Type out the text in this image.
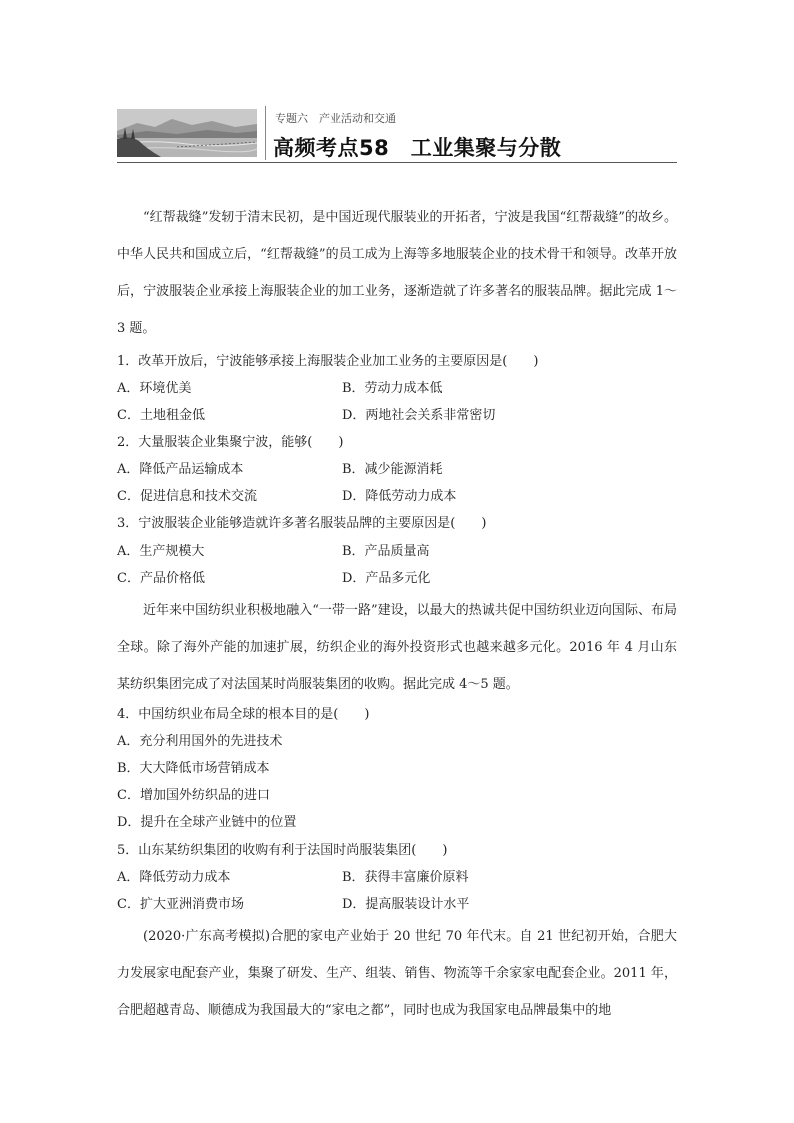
专题六　产业活动和交通
高频考点58　工业集聚与分散

“红帮裁缝”发轫于清末民初，是中国近现代服装业的开拓者，宁波是我国“红帮裁缝”的故乡。中华人民共和国成立后，“红帮裁缝”的员工成为上海等多地服装企业的技术骨干和领导。改革开放后，宁波服装企业承接上海服装企业的加工业务，逐渐造就了许多著名的服装品牌。据此完成 1～3 题。

1．改革开放后，宁波能够承接上海服装企业加工业务的主要原因是(　　)
A．环境优美	B．劳动力成本低
C．土地租金低	D．两地社会关系非常密切
2．大量服装企业集聚宁波，能够(　　)
A．降低产品运输成本	B．减少能源消耗
C．促进信息和技术交流	D．降低劳动力成本
3．宁波服装企业能够造就许多著名服装品牌的主要原因是(　　)
A．生产规模大	B．产品质量高
C．产品价格低	D．产品多元化

近年来中国纺织业积极地融入“一带一路”建设，以最大的热诚共促中国纺织业迈向国际、布局全球。除了海外产能的加速扩展，纺织企业的海外投资形式也越来越多元化。2016 年 4 月山东某纺织集团完成了对法国某时尚服装集团的收购。据此完成 4～5 题。

4．中国纺织业布局全球的根本目的是(　　)
A．充分利用国外的先进技术
B．大大降低市场营销成本
C．增加国外纺织品的进口
D．提升在全球产业链中的位置
5．山东某纺织集团的收购有利于法国时尚服装集团(　　)
A．降低劳动力成本	B．获得丰富廉价原料
C．扩大亚洲消费市场	D．提高服装设计水平

(2020·广东高考模拟)合肥的家电产业始于 20 世纪 70 年代末。自 21 世纪初开始，合肥大力发展家电配套产业，集聚了研发、生产、组装、销售、物流等千余家家电配套企业。2011 年，合肥超越青岛、顺德成为我国最大的“家电之都”，同时也成为我国家电品牌最集中的地
